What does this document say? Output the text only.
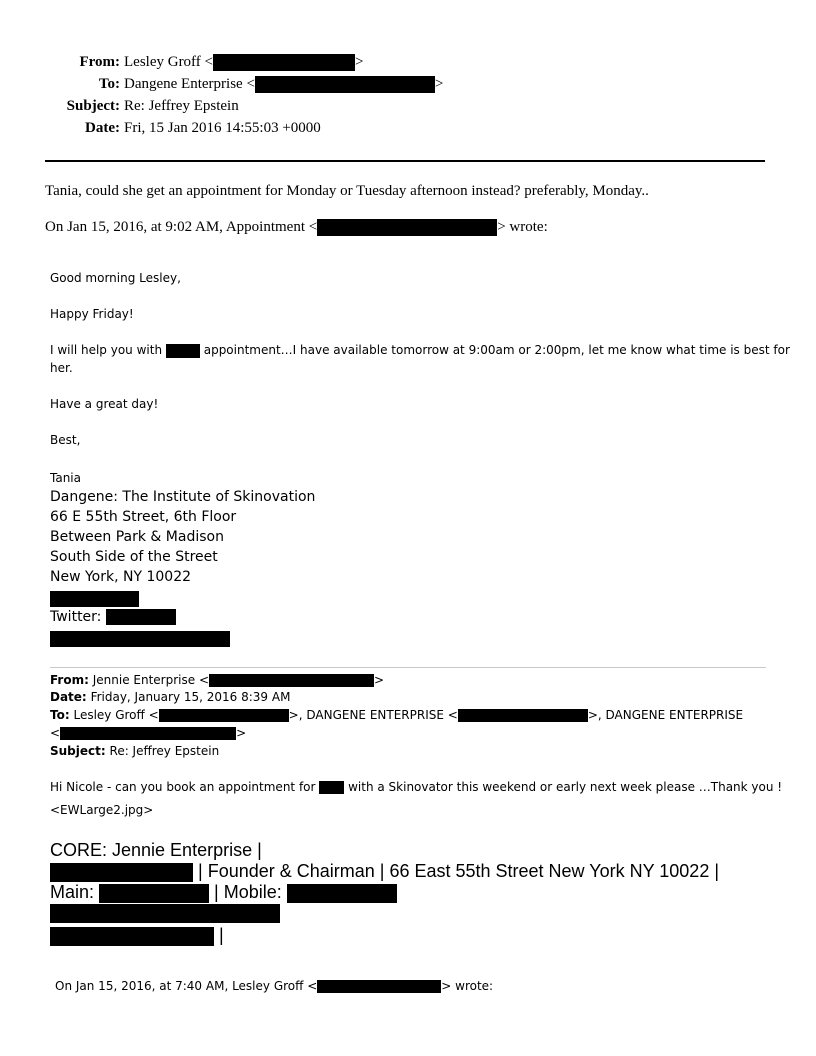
From: Lesley Groff <	>
To: Dangene Enterprise <	>
Subject: Re: Jeffrey Epstein
Date: Fri, 15 Jan 2016 14:55:03 +0000
Tania, could she get an appointment for Monday or Tuesday afternoon instead? preferably, Monday..
On Jan 15, 2016, at 9:02 AM, Appointment <	> wrote:
Good morning Lesley,
Happy Friday!
I will help you with	appointment…I have available tomorrow at 9:00am or 2:00pm, let me know what time is best for
her.
Have a great day!
Best,
Tania
Dangene: The Institute of Skinovation
66 E 55th Street, 6th Floor
Between Park & Madison
South Side of the Street
New York, NY 10022
Twitter:
From: Jennie Enterprise <	>
Date: Friday, January 15, 2016 8:39 AM
To: Lesley Groff <	>, DANGENE ENTERPRISE <	>, DANGENE ENTERPRISE
<	>
Subject: Re: Jeffrey Epstein
Hi Nicole - can you book an appointment for	with a Skinovator this weekend or early next week please …Thank you !
<EWLarge2.jpg>
CORE: Jennie Enterprise |
| Founder & Chairman | 66 East 55th Street New York NY 10022 |
Main:	| Mobile:
|
On Jan 15, 2016, at 7:40 AM, Lesley Groff <	> wrote:
